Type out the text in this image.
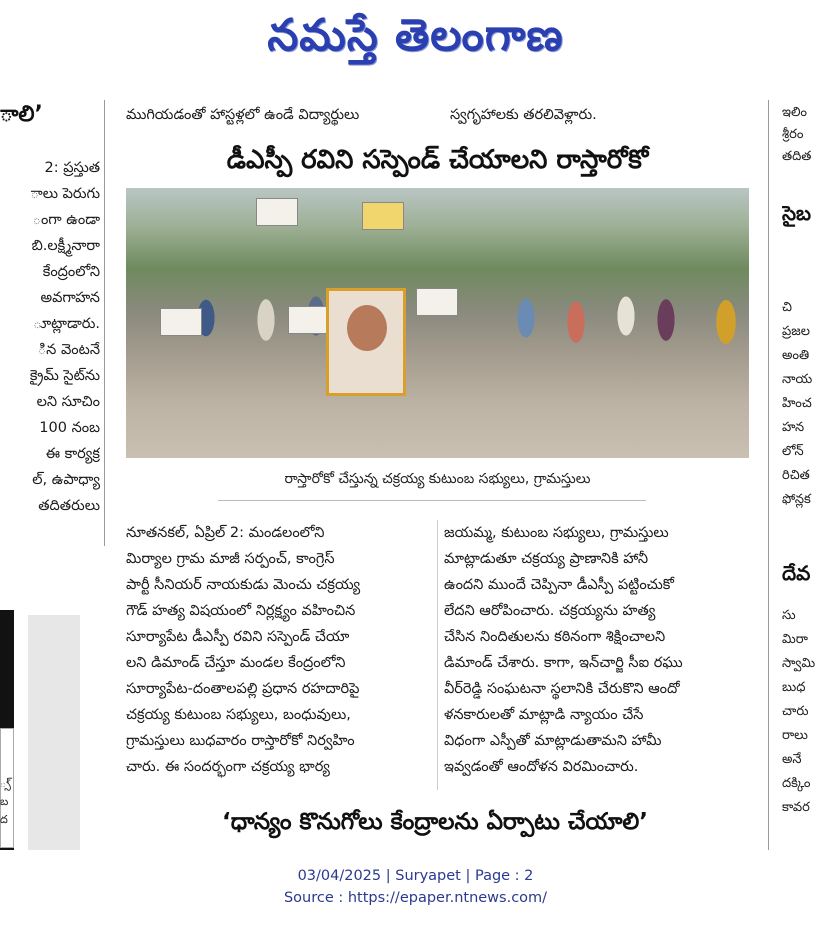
నమస్తే తెలంగాణ
ాలి’
2: ప్రస్తుత
ాలు పెరుగు
ంగా ఉండా
బి.లక్ష్మీనారా
కేంద్రంలోని
అవగాహన
ూట్లాడారు.
ిన వెంటనే
క్రైమ్ సైట్‌ను
లని సూచిం
100 నంబ
ఈ కార్యక్ర
ల్, ఉపాధ్యా
తదితరులు
్స్
బ
ద
ముగియడంతో హాస్టళ్లలో ఉండే విద్యార్థులు	స్వగృహాలకు తరలివెళ్లారు.
డీఎస్పీ రవిని సస్పెండ్ చేయాలని రాస్తారోకో
రాస్తారోకో చేస్తున్న చక్రయ్య కుటుంబ సభ్యులు, గ్రామస్తులు
నూతనకల్, ఏప్రిల్ 2: మండలంలోని
మిర్యాల గ్రామ మాజీ సర్పంచ్, కాంగ్రెస్
పార్టీ సీనియర్ నాయకుడు మెంచు చక్రయ్య
గౌడ్ హత్య విషయంలో నిర్లక్ష్యం వహించిన
సూర్యాపేట డీఎస్పీ రవిని సస్పెండ్ చేయా
లని డిమాండ్ చేస్తూ మండల కేంద్రంలోని
సూర్యాపేట-దంతాలపల్లి ప్రధాన రహదారిపై
చక్రయ్య కుటుంబ సభ్యులు, బంధువులు,
గ్రామస్తులు బుధవారం రాస్తారోకో నిర్వహిం
చారు. ఈ సందర్భంగా చక్రయ్య భార్య
జయమ్మ, కుటుంబ సభ్యులు, గ్రామస్తులు
మాట్లాడుతూ చక్రయ్య ప్రాణానికి హానీ
ఉందని ముందే చెప్పినా డీఎస్పీ పట్టించుకో
లేదని ఆరోపించారు. చక్రయ్యను హత్య
చేసిన నిందితులను కఠినంగా శిక్షించాలని
డిమాండ్ చేశారు. కాగా, ఇన్‌చార్జి సీఐ రఘు
వీర్‌రెడ్డి సంఘటనా స్థలానికి చేరుకొని ఆందో
ళనకారులతో మాట్లాడి న్యాయం చేసే
విధంగా ఎస్పీతో మాట్లాడుతామని హామీ
ఇవ్వడంతో ఆందోళన విరమించారు.
‘ధాన్యం కొనుగోలు కేంద్రాలను ఏర్పాటు చేయాలి’
ఇలిం
శ్రీరం
తదిత
సైబ
చి
ప్రజల
అంతి
నాయ
హించ
హన
లోన్
రిచిత
ఫోన్లక
దేవ
సు
మిరా
స్వామి
బుధ
చారు
రాలు
అనే
దక్కిం
కావర
03/04/2025 | Suryapet | Page : 2
Source : https://epaper.ntnews.com/
